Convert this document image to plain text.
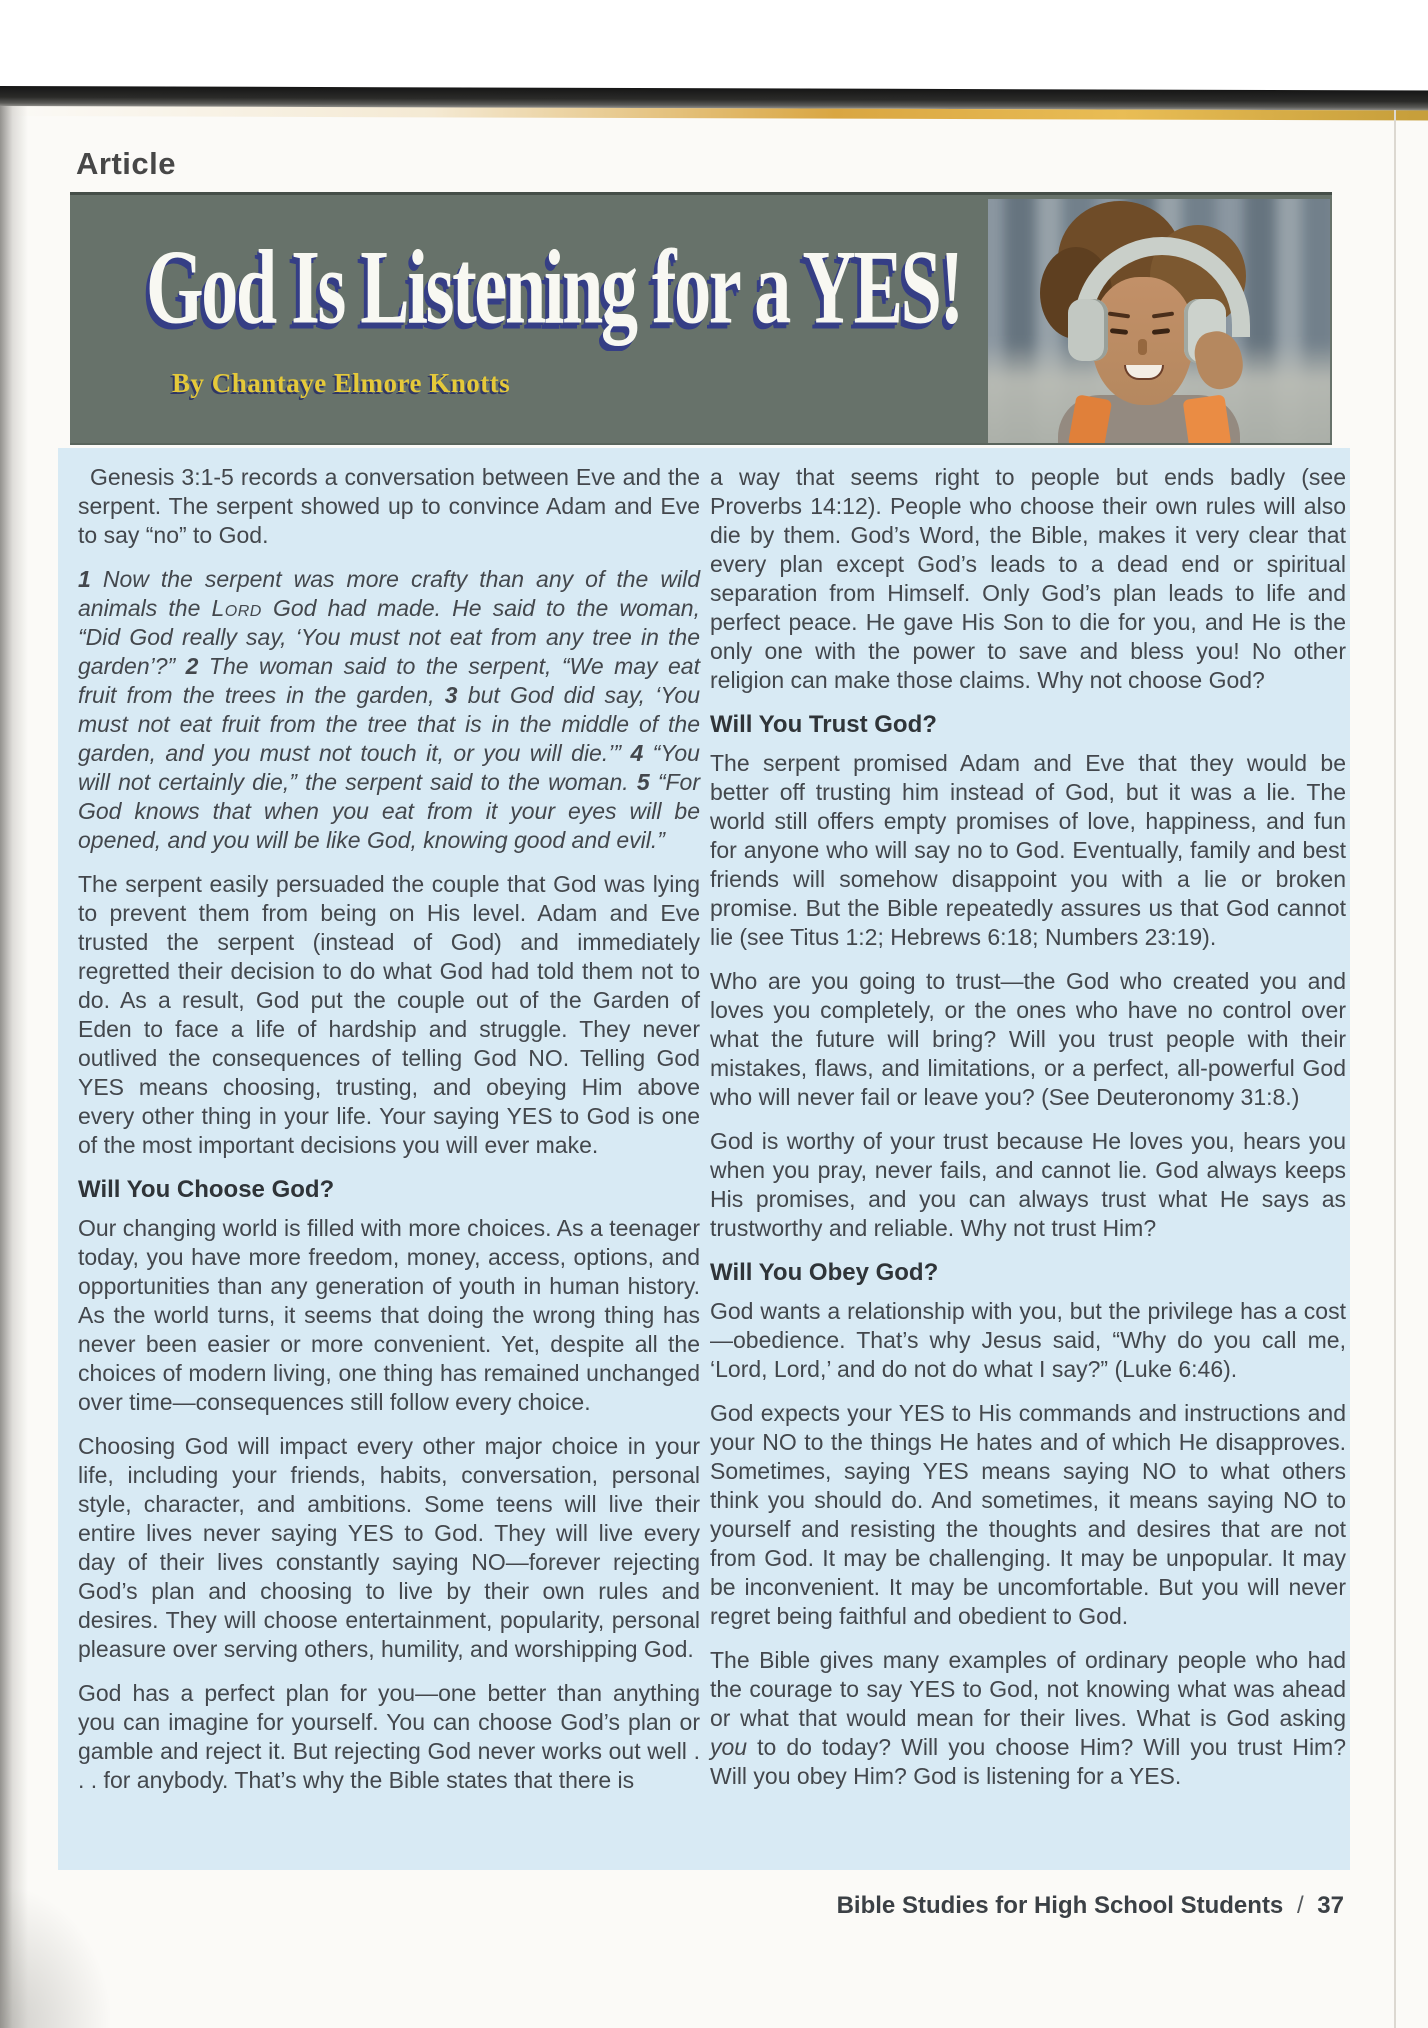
Article
God Is Listening for a YES!
By Chantaye Elmore Knotts

Genesis 3:1-5 records a conversation between Eve and the serpent. The serpent showed up to convince Adam and Eve to say “no” to God.

1 Now the serpent was more crafty than any of the wild animals the Lord God had made. He said to the woman, “Did God really say, ‘You must not eat from any tree in the garden’?” 2 The woman said to the serpent, “We may eat fruit from the trees in the garden, 3 but God did say, ‘You must not eat fruit from the tree that is in the middle of the garden, and you must not touch it, or you will die.’” 4 “You will not certainly die,” the serpent said to the woman. 5 “For God knows that when you eat from it your eyes will be opened, and you will be like God, knowing good and evil.”

The serpent easily persuaded the couple that God was lying to prevent them from being on His level. Adam and Eve trusted the serpent (instead of God) and immediately regretted their decision to do what God had told them not to do. As a result, God put the couple out of the Garden of Eden to face a life of hardship and struggle. They never outlived the consequences of telling God NO. Telling God YES means choosing, trusting, and obeying Him above every other thing in your life. Your saying YES to God is one of the most important decisions you will ever make.

Will You Choose God?

Our changing world is filled with more choices. As a teenager today, you have more freedom, money, access, options, and opportunities than any generation of youth in human history. As the world turns, it seems that doing the wrong thing has never been easier or more convenient. Yet, despite all the choices of modern living, one thing has remained unchanged over time—consequences still follow every choice.

Choosing God will impact every other major choice in your life, including your friends, habits, conversation, personal style, character, and ambitions. Some teens will live their entire lives never saying YES to God. They will live every day of their lives constantly saying NO—forever rejecting God’s plan and choosing to live by their own rules and desires. They will choose entertainment, popularity, personal pleasure over serving others, humility, and worshipping God.

God has a perfect plan for you—one better than anything you can imagine for yourself. You can choose God’s plan or gamble and reject it. But rejecting God never works out well . . . for anybody. That’s why the Bible states that there is

a way that seems right to people but ends badly (see Proverbs 14:12). People who choose their own rules will also die by them. God’s Word, the Bible, makes it very clear that every plan except God’s leads to a dead end or spiritual separation from Himself. Only God’s plan leads to life and perfect peace. He gave His Son to die for you, and He is the only one with the power to save and bless you! No other religion can make those claims. Why not choose God?

Will You Trust God?

The serpent promised Adam and Eve that they would be better off trusting him instead of God, but it was a lie. The world still offers empty promises of love, happiness, and fun for anyone who will say no to God. Eventually, family and best friends will somehow disappoint you with a lie or broken promise. But the Bible repeatedly assures us that God cannot lie (see Titus 1:2; Hebrews 6:18; Numbers 23:19).

Who are you going to trust—the God who created you and loves you completely, or the ones who have no control over what the future will bring? Will you trust people with their mistakes, flaws, and limitations, or a perfect, all-powerful God who will never fail or leave you? (See Deuteronomy 31:8.)

God is worthy of your trust because He loves you, hears you when you pray, never fails, and cannot lie. God always keeps His promises, and you can always trust what He says as trustworthy and reliable. Why not trust Him?

Will You Obey God?

God wants a relationship with you, but the privilege has a cost—obedience. That’s why Jesus said, “Why do you call me, ‘Lord, Lord,’ and do not do what I say?” (Luke 6:46).

God expects your YES to His commands and instructions and your NO to the things He hates and of which He disapproves. Sometimes, saying YES means saying NO to what others think you should do. And sometimes, it means saying NO to yourself and resisting the thoughts and desires that are not from God. It may be challenging. It may be unpopular. It may be inconvenient. It may be uncomfortable. But you will never regret being faithful and obedient to God.

The Bible gives many examples of ordinary people who had the courage to say YES to God, not knowing what was ahead or what that would mean for their lives. What is God asking you to do today? Will you choose Him? Will you trust Him? Will you obey Him? God is listening for a YES.

Bible Studies for High School Students / 37
